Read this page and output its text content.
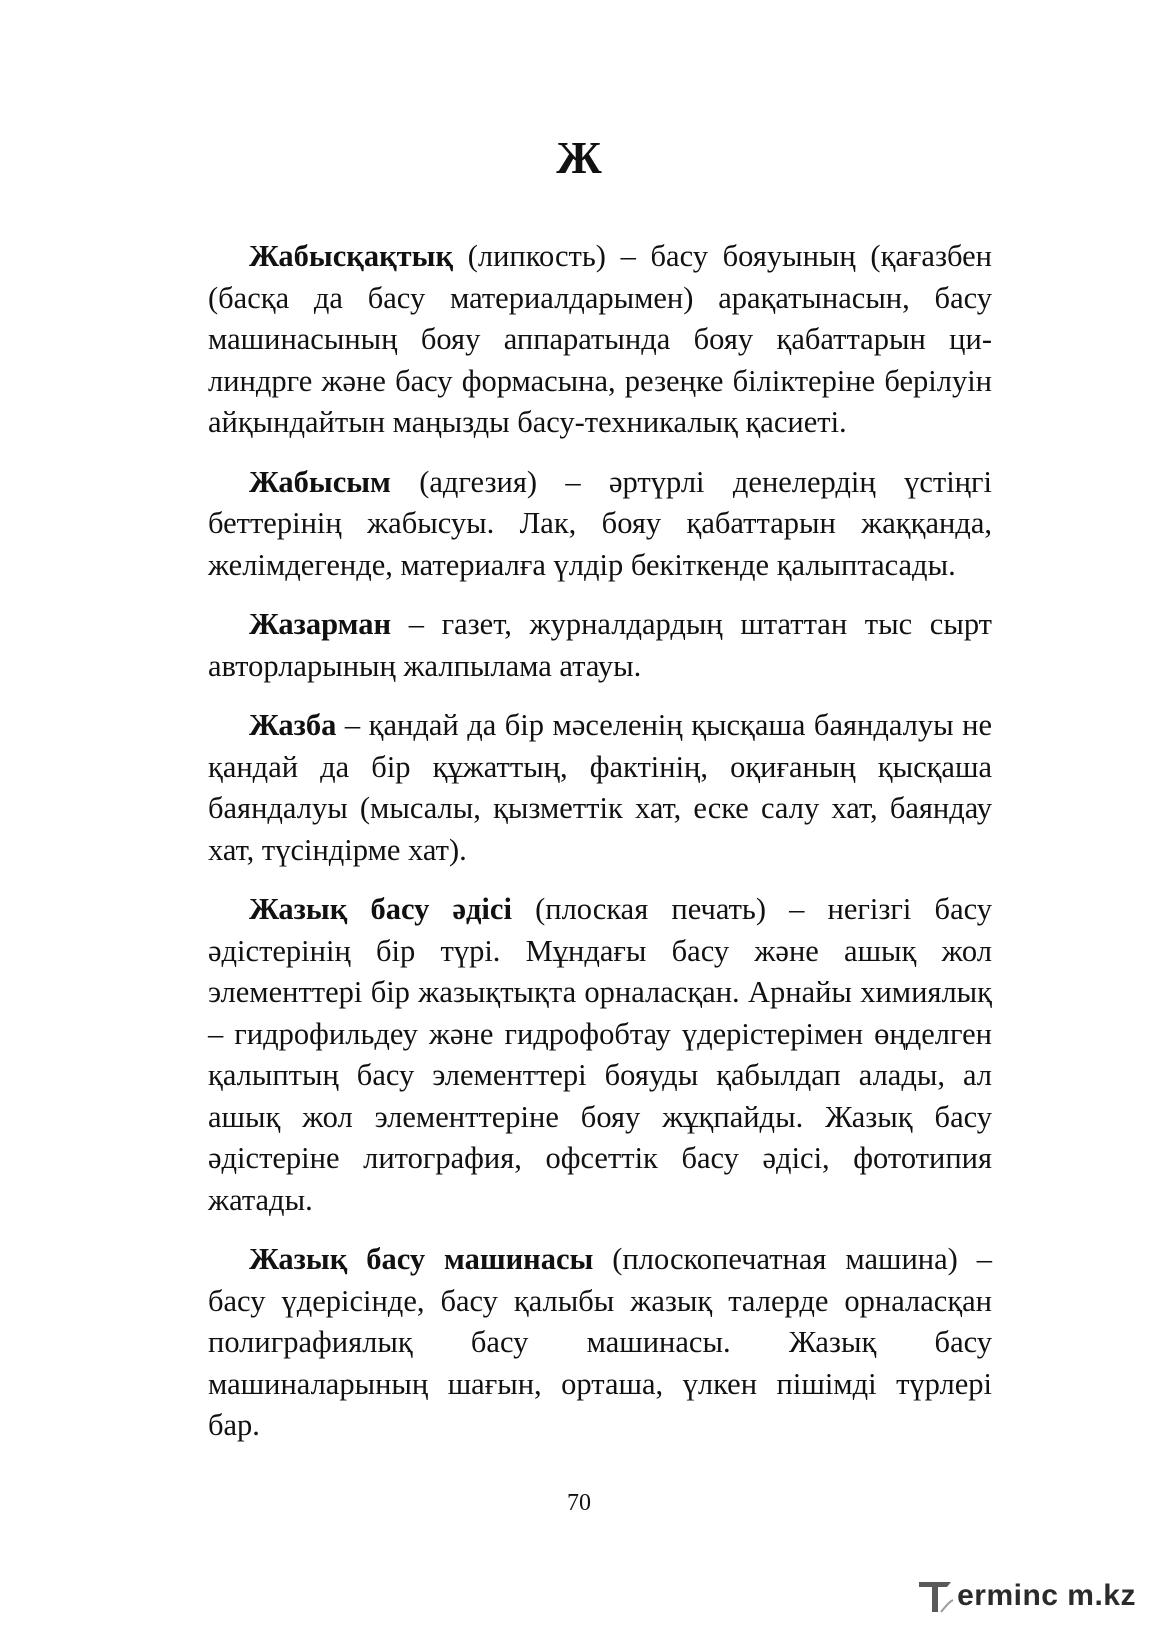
Ж

Жабысқақтық (липкость) – басу бояуының (қағазбен (басқа да басу материалдарымен) арақатынасын, басу машинасының бояу аппаратында бояу қабаттарын цилиндрге және басу формасына, резеңке біліктеріне берілуін айқындайтын маңызды басу-техникалық қасиеті.

Жабысым (адгезия) – әртүрлі денелердің үстіңгі беттерінің жабысуы. Лак, бояу қабаттарын жаққанда, желімдегенде, материалға үлдір бекіткенде қалыптасады.

Жазарман – газет, журналдардың штаттан тыс сырт авторларының жалпылама атауы.

Жазба – қандай да бір мәселенің қысқаша баяндалуы не қандай да бір құжаттың, фактінің, оқиғаның қысқаша баяндалуы (мысалы, қызметтік хат, еске салу хат, баяндау хат, түсіндірме хат).

Жазық басу әдісі (плоская печать) – негізгі басу әдістерінің бір түрі. Мұндағы басу және ашық жол элементтері бір жазықтықта орналасқан. Арнайы химиялық – гидрофильдеу және гидрофобтау үдерістерімен өңделген қалыптың басу элементтері бояуды қабылдап алады, ал ашық жол элементтеріне бояу жұқпайды. Жазық басу әдістеріне литография, офсеттік басу әдісі, фототипия жатады.

Жазық басу машинасы (плоскопечатная машина) – басу үдерісінде, басу қалыбы жазық талерде орналасқан полиграфиялық басу машинасы. Жазық басу машиналарының шағын, орташа, үлкен пішімді түрлері бар.

70
erminc m.kz
